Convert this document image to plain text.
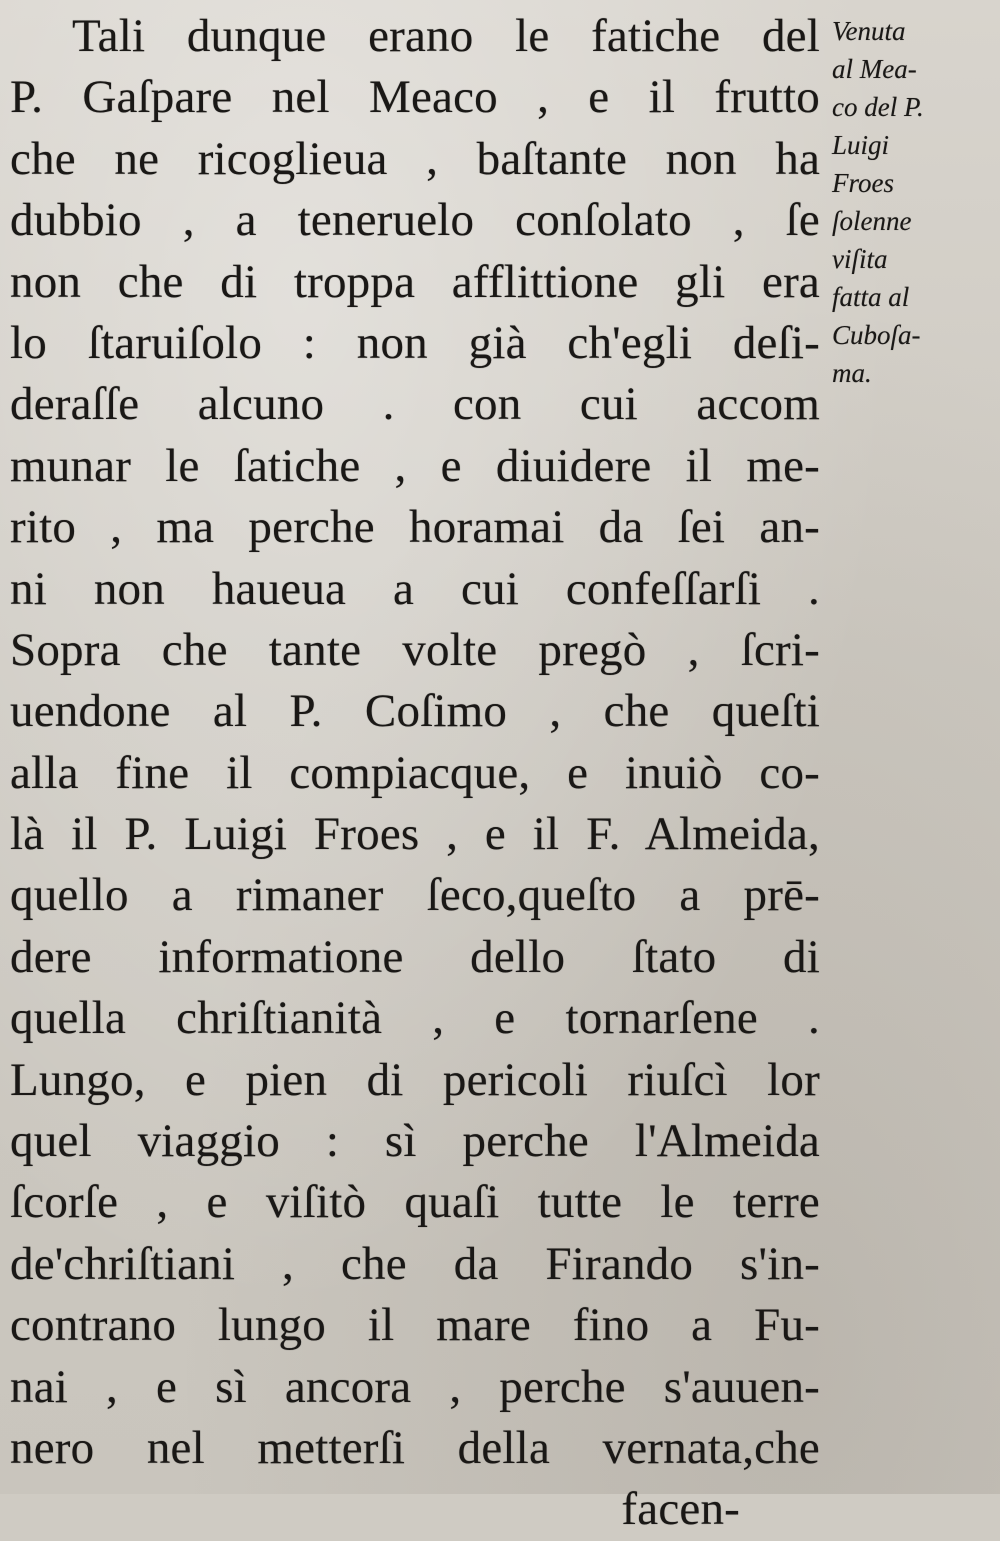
Tali dunque erano le fatiche del
P. Gaſpare nel Meaco , e il frutto
che ne ricoglieua , baſtante non ha
dubbio , a teneruelo conſolato , ſe
non che di troppa afflittione gli era
lo ſtaruiſolo : non già ch'egli deſi-
deraſſe alcuno . con cui accom
munar le ſatiche , e diuidere il me-
rito , ma perche horamai da ſei an-
ni non haueua a cui confeſſarſi .
Sopra che tante volte pregò , ſcri-
uendone al P. Coſimo , che queſti
alla fine il compiacque, e inuiò co-
là il P. Luigi Froes , e il F. Almeida,
quello a rimaner ſeco,queſto a prē-
dere informatione dello ſtato di
quella chriſtianità , e tornarſene .
Lungo, e pien di pericoli riuſcì lor
quel viaggio : sì perche l'Almeida
ſcorſe , e viſitò quaſi tutte le terre
de'chriſtiani , che da Firando s'in-
contrano lungo il mare fino a Fu-
nai , e sì ancora , perche s'auuen-
nero nel metterſi della vernata,che
facen-
Venuta
al Mea-
co del P.
Luigi
Froes
ſolenne
viſita
fatta al
Cuboſa-
ma.
